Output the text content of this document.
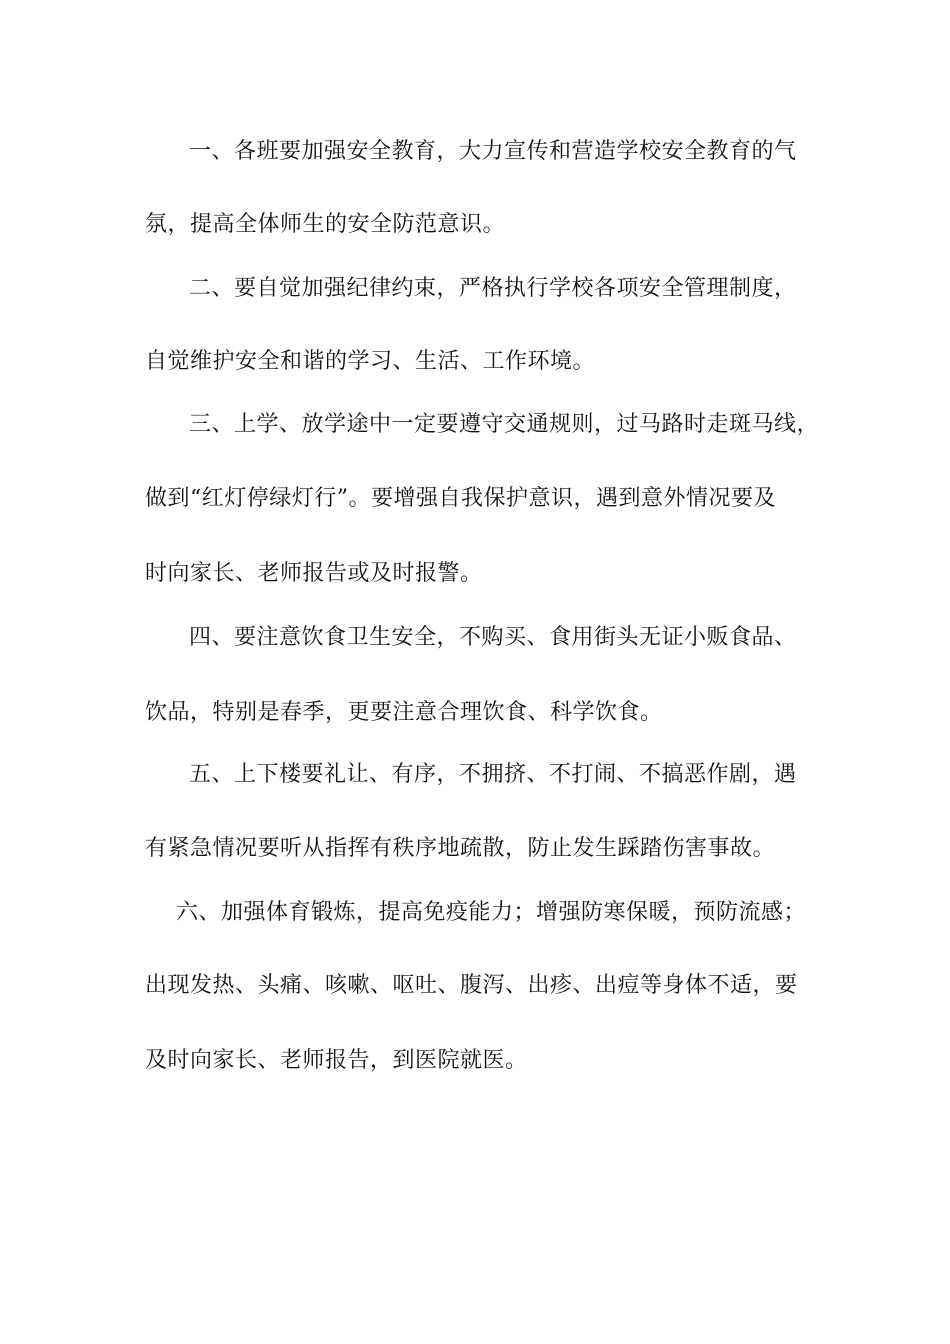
一、各班要加强安全教育，大力宣传和营造学校安全教育的气

氛，提高全体师生的安全防范意识。

二、要自觉加强纪律约束，严格执行学校各项安全管理制度，

自觉维护安全和谐的学习、生活、工作环境。

三、上学、放学途中一定要遵守交通规则，过马路时走斑马线，

做到“红灯停绿灯行”。要增强自我保护意识，遇到意外情况要及

时向家长、老师报告或及时报警。

四、要注意饮食卫生安全，不购买、食用街头无证小贩食品、

饮品，特别是春季，更要注意合理饮食、科学饮食。

五、上下楼要礼让、有序，不拥挤、不打闹、不搞恶作剧，遇

有紧急情况要听从指挥有秩序地疏散，防止发生踩踏伤害事故。

六、加强体育锻炼，提高免疫能力；增强防寒保暖，预防流感；

出现发热、头痛、咳嗽、呕吐、腹泻、出疹、出痘等身体不适，要

及时向家长、老师报告，到医院就医。
